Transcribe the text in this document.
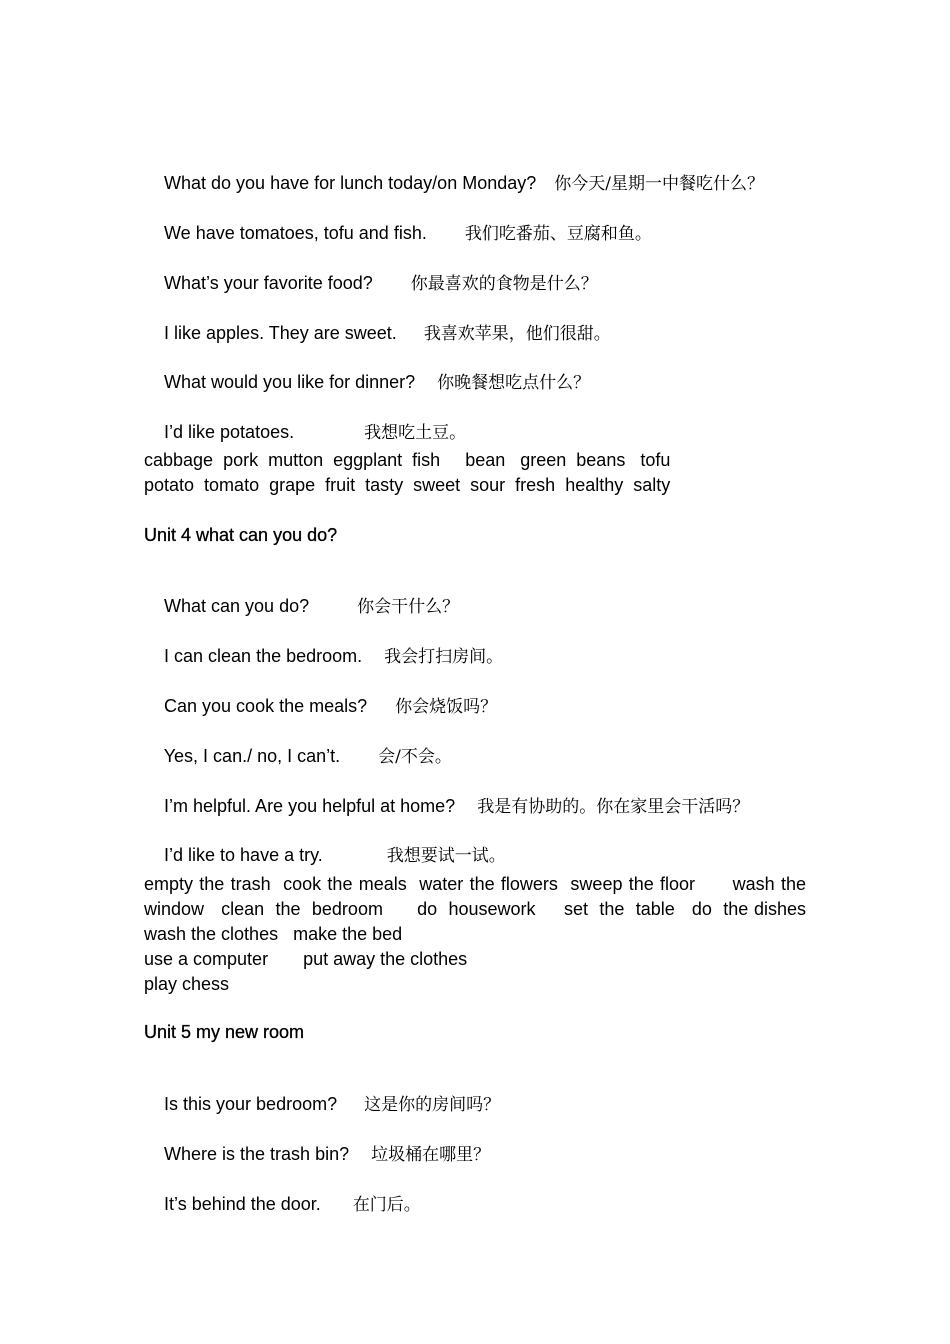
What do you have for lunch today/on Monday? 你今天/星期一中餐吃什么？

We have tomatoes, tofu and fish. 我们吃番茄、豆腐和鱼。

What’s your favorite food? 你最喜欢的食物是什么？

I like apples. They are sweet. 我喜欢苹果，他们很甜。

What would you like for dinner? 你晚餐想吃点什么？

I’d like potatoes.	我想吃土豆。

cabbage  pork  mutton  eggplant  fish     bean   green  beans   tofu
potato  tomato  grape  fruit  tasty  sweet  sour  fresh  healthy  salty
Unit 4 what can you do?

What can you do?	你会干什么？

I can clean the bedroom. 我会打扫房间。

Can you cook the meals? 你会烧饭吗？

Yes, I can./ no, I can’t. 会/不会。

I’m helpful. Are you helpful at home? 我是有协助的。你在家里会干活吗？

I’d like to have a try.	我想要试一试。

empty the trash  cook the meals  water the flowers  sweep the floor      wash the  window   clean  the  bedroom      do  housework     set  the  table   do  the dishes  wash the clothes   make the bed
use a computer       put away the clothes
play chess
Unit 5 my new room

Is this your bedroom? 这是你的房间吗？

Where is the trash bin? 垃圾桶在哪里？

It’s behind the door. 在门后。
